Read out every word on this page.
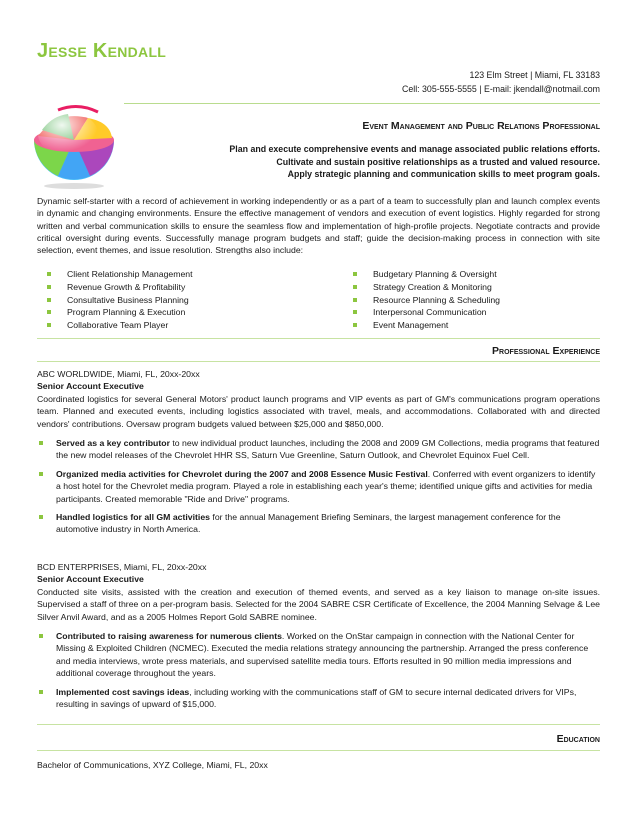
Jesse Kendall
123 Elm Street | Miami, FL 33183
Cell: 305-555-5555 | E-mail: jkendall@notmail.com
Event Management and Public Relations Professional
Plan and execute comprehensive events and manage associated public relations efforts.
Cultivate and sustain positive relationships as a trusted and valued resource.
Apply strategic planning and communication skills to meet program goals.
Dynamic self-starter with a record of achievement in working independently or as a part of a team to successfully plan and launch complex events in dynamic and changing environments. Ensure the effective management of vendors and execution of event logistics. Highly regarded for strong written and verbal communication skills to ensure the seamless flow and implementation of high-profile projects. Negotiate contracts and provide critical oversight during events. Successfully manage program budgets and staff; guide the decision-making process in connection with site selection, event themes, and issue resolution. Strengths also include:
Client Relationship Management
Revenue Growth & Profitability
Consultative Business Planning
Program Planning & Execution
Collaborative Team Player
Budgetary Planning & Oversight
Strategy Creation & Monitoring
Resource Planning & Scheduling
Interpersonal Communication
Event Management
Professional Experience
ABC WORLDWIDE, Miami, FL, 20xx-20xx
Senior Account Executive
Coordinated logistics for several General Motors' product launch programs and VIP events as part of GM's communications program operations team. Planned and executed events, including logistics associated with travel, meals, and accommodations. Collaborated with and directed vendors' contributions. Oversaw program budgets valued between $25,000 and $850,000.
Served as a key contributor to new individual product launches, including the 2008 and 2009 GM Collections, media programs that featured the new model releases of the Chevrolet HHR SS, Saturn Vue Greenline, Saturn Outlook, and Chevrolet Equinox Fuel Cell.
Organized media activities for Chevrolet during the 2007 and 2008 Essence Music Festival. Conferred with event organizers to identify a host hotel for the Chevrolet media program. Played a role in establishing each year's theme; identified unique gifts and activities for media participants. Created memorable "Ride and Drive" programs.
Handled logistics for all GM activities for the annual Management Briefing Seminars, the largest management conference for the automotive industry in North America.
BCD ENTERPRISES, Miami, FL, 20xx-20xx
Senior Account Executive
Conducted site visits, assisted with the creation and execution of themed events, and served as a key liaison to manage on-site issues. Supervised a staff of three on a per-program basis. Selected for the 2004 SABRE CSR Certificate of Excellence, the 2004 Manning Selvage & Lee Silver Anvil Award, and as a 2005 Holmes Report Gold SABRE nominee.
Contributed to raising awareness for numerous clients. Worked on the OnStar campaign in connection with the National Center for Missing & Exploited Children (NCMEC). Executed the media relations strategy announcing the partnership. Arranged the press conference and media interviews, wrote press materials, and supervised satellite media tours. Efforts resulted in 90 million media impressions and additional coverage throughout the years.
Implemented cost savings ideas, including working with the communications staff of GM to secure internal dedicated drivers for VIPs, resulting in savings of upward of $15,000.
Education
Bachelor of Communications, XYZ College, Miami, FL, 20xx
